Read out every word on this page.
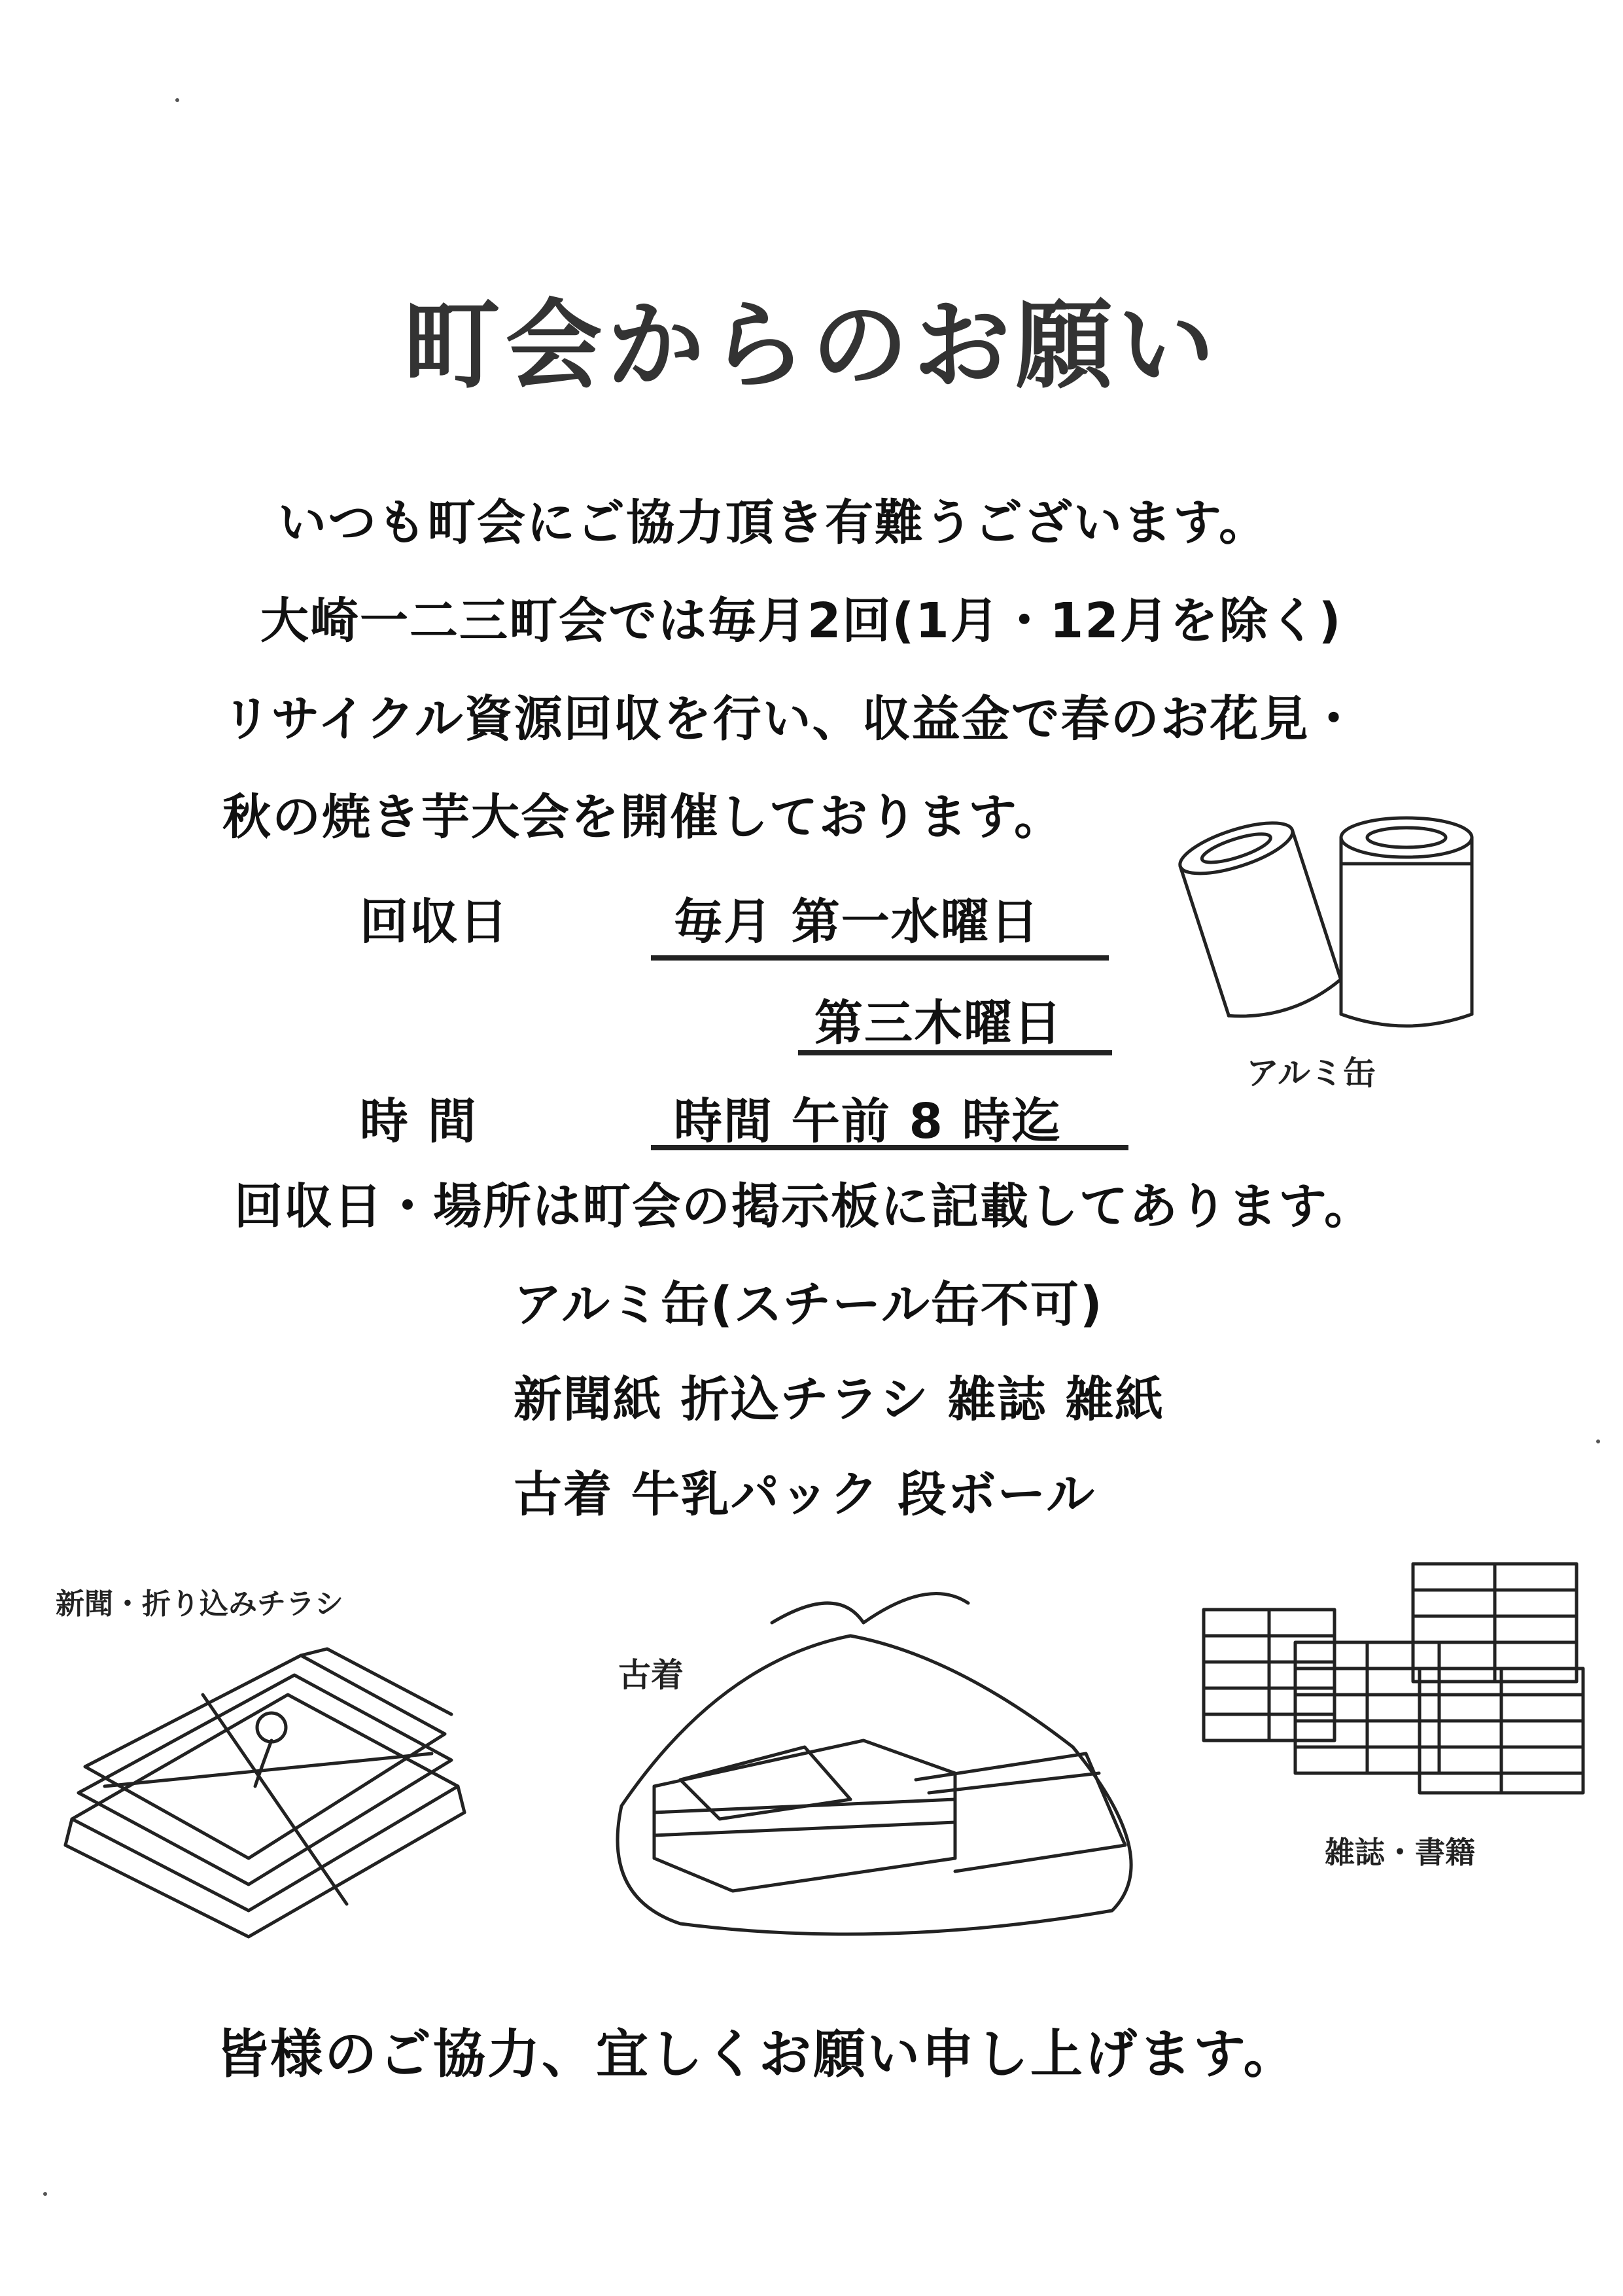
町会からのお願い
いつも町会にご協力頂き有難うございます。
大崎一二三町会では毎月2回(1月・12月を除く)
リサイクル資源回収を行い、収益金で春のお花見・
秋の焼き芋大会を開催しております。
回収日	毎月 第一水曜日
第三木曜日
時 間	時間 午前 8 時迄
回収日・場所は町会の掲示板に記載してあります。
アルミ缶(スチール缶不可)
新聞紙 折込チラシ 雑誌 雑紙
古着 牛乳パック 段ボール
アルミ缶
新聞・折り込みチラシ
古着
雑誌・書籍
皆様のご協力、宜しくお願い申し上げます。
